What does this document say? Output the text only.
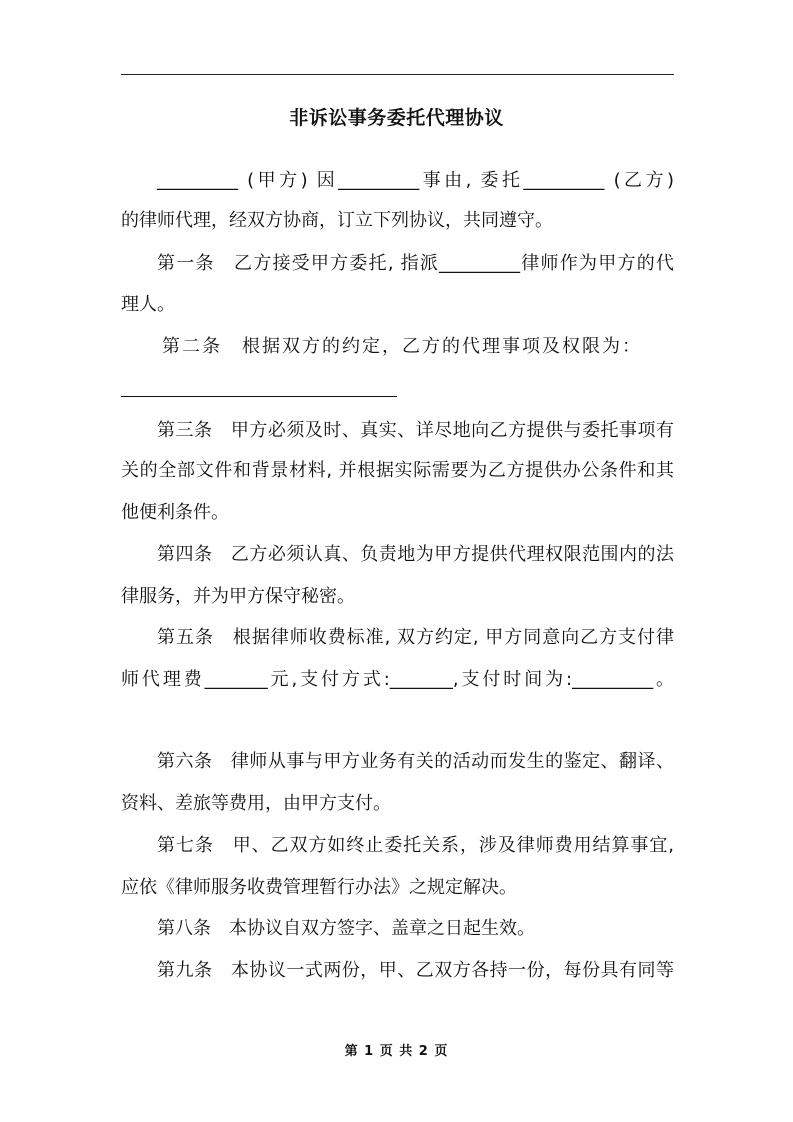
非诉讼事务委托代理协议
_________ (甲方) 因_________事由, 委托_________ (乙方)
的律师代理，经双方协商，订立下列协议，共同遵守。
第一条　乙方接受甲方委托, 指派_________律师作为甲方的代
理人。
第二条　根据双方的约定，乙方的代理事项及权限为：
第三条　甲方必须及时、真实、详尽地向乙方提供与委托事项有
关的全部文件和背景材料, 并根据实际需要为乙方提供办公条件和其
他便利条件。
第四条　乙方必须认真、负责地为甲方提供代理权限范围内的法
律服务，并为甲方保守秘密。
第五条　根据律师收费标准, 双方约定, 甲方同意向乙方支付律
师代理费_______元,支付方式:_______,支付时间为:_________。
第六条　律师从事与甲方业务有关的活动而发生的鉴定、翻译、
资料、差旅等费用，由甲方支付。
第七条　甲、乙双方如终止委托关系，涉及律师费用结算事宜,
应依《律师服务收费管理暂行办法》之规定解决。
第八条　本协议自双方签字、盖章之日起生效。
第九条　本协议一式两份，甲、乙双方各持一份，每份具有同等
第 1 页 共 2 页
